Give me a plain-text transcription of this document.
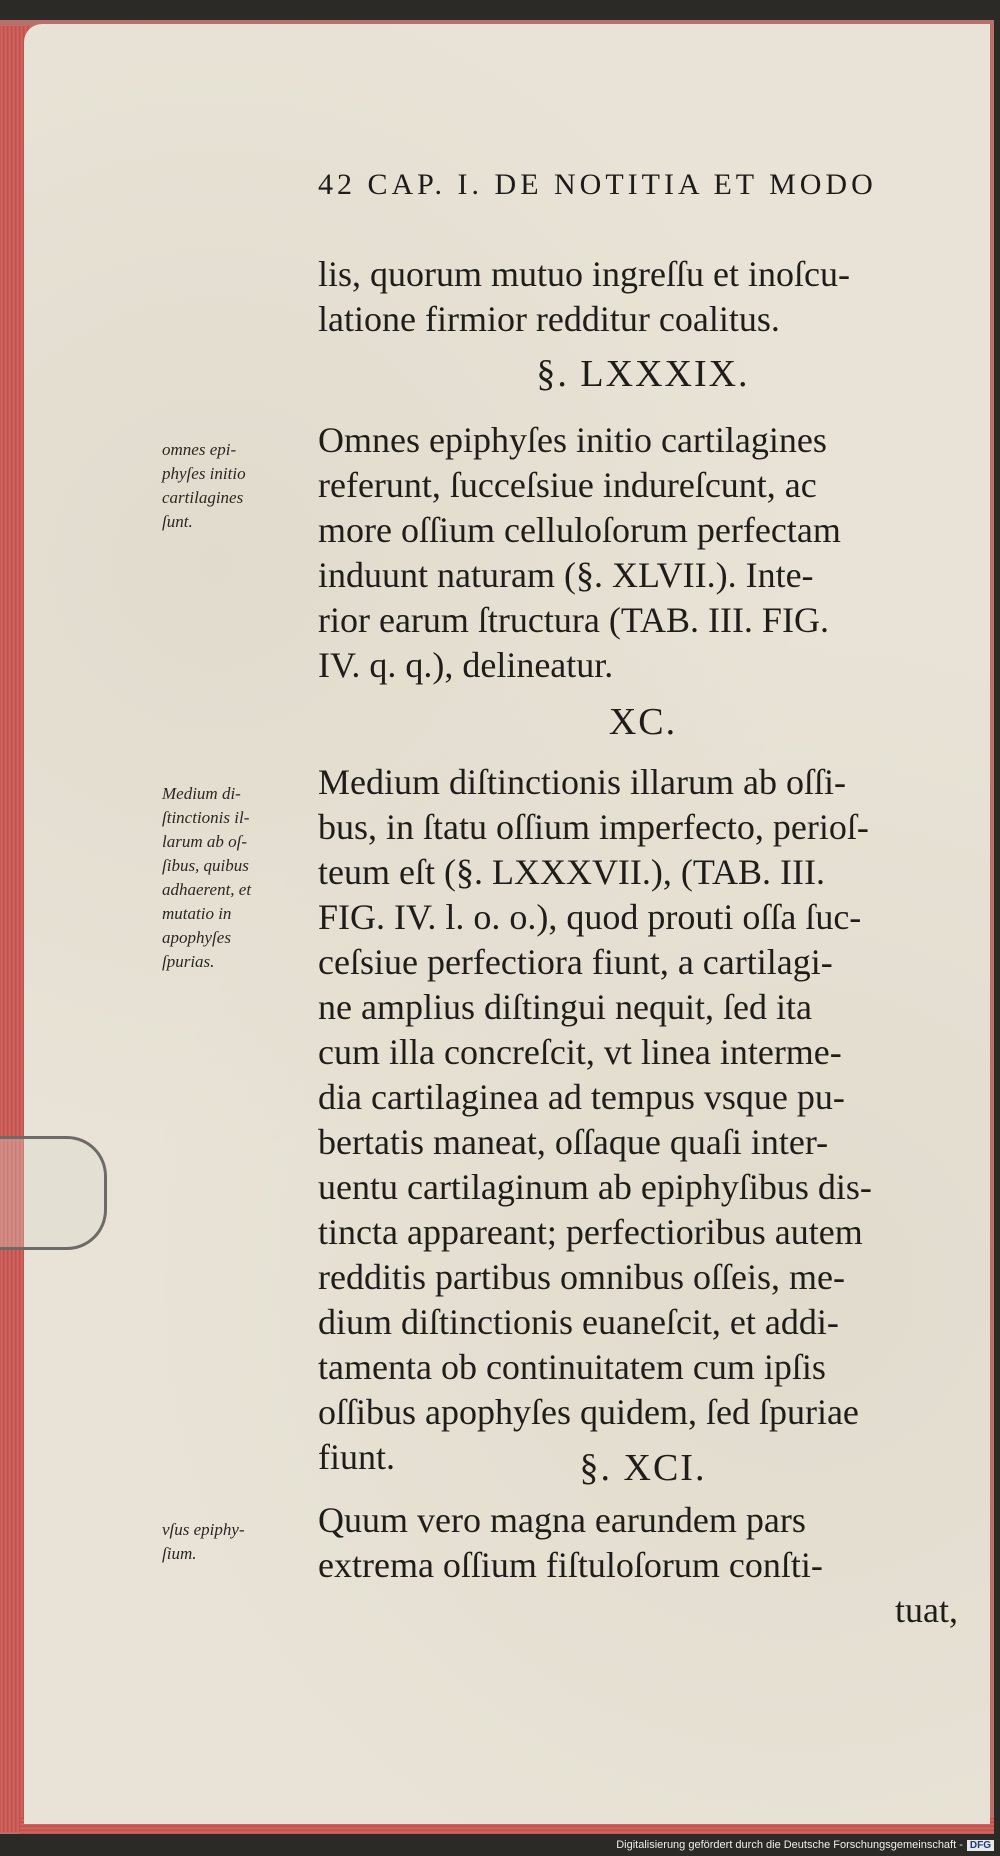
42 CAP. I. DE NOTITIA ET MODO
lis, quorum mutuo ingreſſu et inoſcu-
latione firmior redditur coalitus.
§. LXXXIX.
omnes epi-
phyſes initio
cartilagines
ſunt.
Omnes epiphyſes initio cartilagines
referunt, ſucceſsiue indureſcunt, ac
more oſſium celluloſorum perfectam
induunt naturam (§. XLVII.). Inte-
rior earum ſtructura (TAB. III. FIG.
IV. q. q.), delineatur.
XC.
Medium di-
ſtinctionis il-
larum ab oſ-
ſibus, quibus
adhaerent, et
mutatio in
apophyſes
ſpurias.
Medium diſtinctionis illarum ab oſſi-
bus, in ſtatu oſſium imperfecto, perioſ-
teum eſt (§. LXXXVII.), (TAB. III.
FIG. IV. l. o. o.), quod prouti oſſa ſuc-
ceſsiue perfectiora fiunt, a cartilagi-
ne amplius diſtingui nequit, ſed ita
cum illa concreſcit, vt linea interme-
dia cartilaginea ad tempus vsque pu-
bertatis maneat, oſſaque quaſi inter-
uentu cartilaginum ab epiphyſibus dis-
tincta appareant; perfectioribus autem
redditis partibus omnibus oſſeis, me-
dium diſtinctionis euaneſcit, et addi-
tamenta ob continuitatem cum ipſis
oſſibus apophyſes quidem, ſed ſpuriae
fiunt.	§. XCI.
vſus epiphy-
ſium.
Quum vero magna earundem pars
extrema oſſium fiſtuloſorum conſti-
tuat,
Digitalisierung gefördert durch die Deutsche Forschungsgemeinschaft - DFG
